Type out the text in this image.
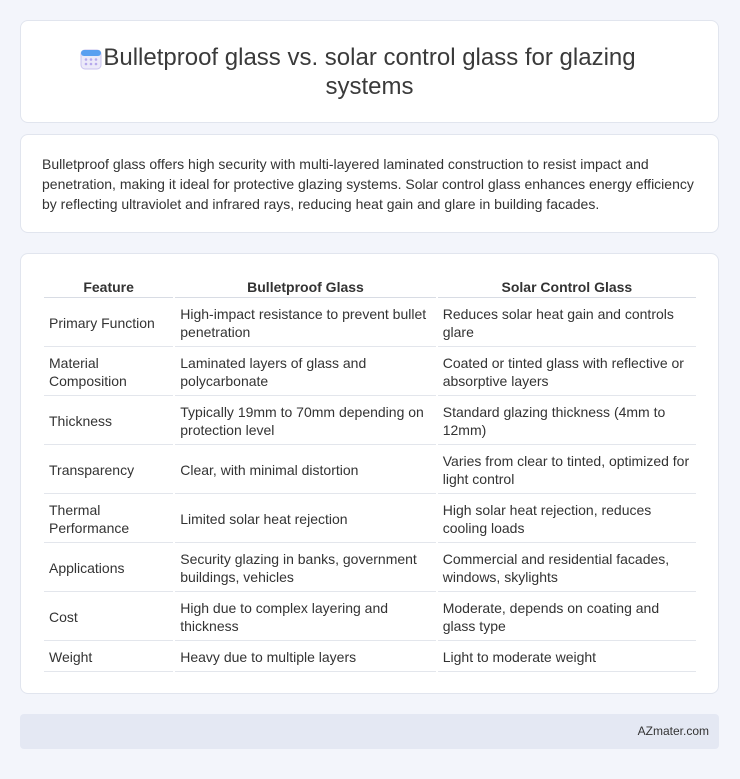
Bulletproof glass vs. solar control glass for glazing systems

Bulletproof glass offers high security with multi-layered laminated construction to resist impact and penetration, making it ideal for protective glazing systems. Solar control glass enhances energy efficiency by reflecting ultraviolet and infrared rays, reducing heat gain and glare in building facades.

Feature	Bulletproof Glass	Solar Control Glass
Primary Function	High-impact resistance to prevent bullet penetration	Reduces solar heat gain and controls glare
Material Composition	Laminated layers of glass and polycarbonate	Coated or tinted glass with reflective or absorptive layers
Thickness	Typically 19mm to 70mm depending on protection level	Standard glazing thickness (4mm to 12mm)
Transparency	Clear, with minimal distortion	Varies from clear to tinted, optimized for light control
Thermal Performance	Limited solar heat rejection	High solar heat rejection, reduces cooling loads
Applications	Security glazing in banks, government buildings, vehicles	Commercial and residential facades, windows, skylights
Cost	High due to complex layering and thickness	Moderate, depends on coating and glass type
Weight	Heavy due to multiple layers	Light to moderate weight
AZmater.com
